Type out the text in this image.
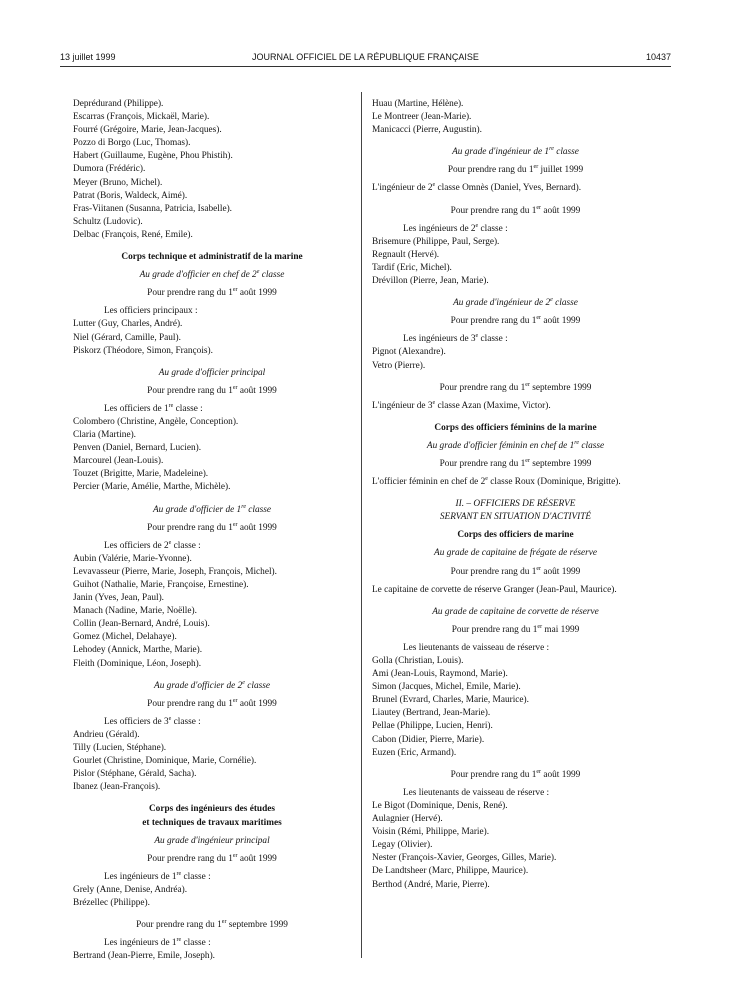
13 juillet 1999	JOURNAL OFFICIEL DE LA RÉPUBLIQUE FRANÇAISE	10437
Deprédurand (Philippe).
Escarras (François, Mickaël, Marie).
Fourré (Grégoire, Marie, Jean-Jacques).
Pozzo di Borgo (Luc, Thomas).
Habert (Guillaume, Eugène, Phou Phistih).
Dumora (Frédéric).
Meyer (Bruno, Michel).
Patrat (Boris, Waldeck, Aimé).
Fras-Viitanen (Susanna, Patricia, Isabelle).
Schultz (Ludovic).
Delbac (François, René, Emile).
Corps technique et administratif de la marine
Au grade d'officier en chef de 2e classe
Pour prendre rang du 1er août 1999
Les officiers principaux :
Lutter (Guy, Charles, André).
Niel (Gérard, Camille, Paul).
Piskorz (Théodore, Simon, François).
Au grade d'officier principal
Pour prendre rang du 1er août 1999
Les officiers de 1re classe :
Colombero (Christine, Angèle, Conception).
Claria (Martine).
Penven (Daniel, Bernard, Lucien).
Marcourel (Jean-Louis).
Touzet (Brigitte, Marie, Madeleine).
Percier (Marie, Amélie, Marthe, Michèle).
Au grade d'officier de 1re classe
Pour prendre rang du 1er août 1999
Les officiers de 2e classe :
Aubin (Valérie, Marie-Yvonne).
Levavasseur (Pierre, Marie, Joseph, François, Michel).
Guihot (Nathalie, Marie, Françoise, Ernestine).
Janin (Yves, Jean, Paul).
Manach (Nadine, Marie, Noëlle).
Collin (Jean-Bernard, André, Louis).
Gomez (Michel, Delahaye).
Lehodey (Annick, Marthe, Marie).
Fleith (Dominique, Léon, Joseph).
Au grade d'officier de 2e classe
Pour prendre rang du 1er août 1999
Les officiers de 3e classe :
Andrieu (Gérald).
Tilly (Lucien, Stéphane).
Gourlet (Christine, Dominique, Marie, Cornélie).
Pislor (Stéphane, Gérald, Sacha).
Ibanez (Jean-François).
Corps des ingénieurs des études
et techniques de travaux maritimes
Au grade d'ingénieur principal
Pour prendre rang du 1er août 1999
Les ingénieurs de 1re classe :
Grely (Anne, Denise, Andréa).
Brézellec (Philippe).
Pour prendre rang du 1er septembre 1999
Les ingénieurs de 1re classe :
Bertrand (Jean-Pierre, Emile, Joseph).
Huau (Martine, Hélène).
Le Montreer (Jean-Marie).
Manicacci (Pierre, Augustin).
Au grade d'ingénieur de 1re classe
Pour prendre rang du 1er juillet 1999
L'ingénieur de 2e classe Omnès (Daniel, Yves, Bernard).
Pour prendre rang du 1er août 1999
Les ingénieurs de 2e classe :
Brisemure (Philippe, Paul, Serge).
Regnault (Hervé).
Tardif (Eric, Michel).
Drévillon (Pierre, Jean, Marie).
Au grade d'ingénieur de 2e classe
Pour prendre rang du 1er août 1999
Les ingénieurs de 3e classe :
Pignot (Alexandre).
Vetro (Pierre).
Pour prendre rang du 1er septembre 1999
L'ingénieur de 3e classe Azan (Maxime, Victor).
Corps des officiers féminins de la marine
Au grade d'officier féminin en chef de 1re classe
Pour prendre rang du 1er septembre 1999
L'officier féminin en chef de 2e classe Roux (Dominique, Brigitte).
II. – OFFICIERS DE RÉSERVE
SERVANT EN SITUATION D'ACTIVITÉ
Corps des officiers de marine
Au grade de capitaine de frégate de réserve
Pour prendre rang du 1er août 1999
Le capitaine de corvette de réserve Granger (Jean-Paul, Maurice).
Au grade de capitaine de corvette de réserve
Pour prendre rang du 1er mai 1999
Les lieutenants de vaisseau de réserve :
Golla (Christian, Louis).
Ami (Jean-Louis, Raymond, Marie).
Simon (Jacques, Michel, Emile, Marie).
Brunel (Evrard, Charles, Marie, Maurice).
Liautey (Bertrand, Jean-Marie).
Pellae (Philippe, Lucien, Henri).
Cabon (Didier, Pierre, Marie).
Euzen (Eric, Armand).
Pour prendre rang du 1er août 1999
Les lieutenants de vaisseau de réserve :
Le Bigot (Dominique, Denis, René).
Aulagnier (Hervé).
Voisin (Rémi, Philippe, Marie).
Legay (Olivier).
Nester (François-Xavier, Georges, Gilles, Marie).
De Landtsheer (Marc, Philippe, Maurice).
Berthod (André, Marie, Pierre).
